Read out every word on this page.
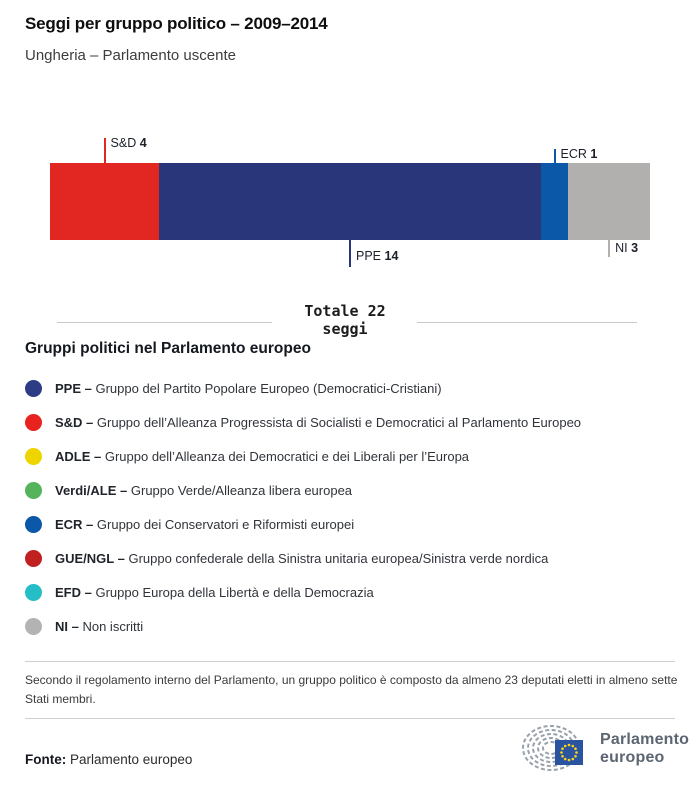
Seggi per gruppo politico – 2009–2014
Ungheria – Parlamento uscente
S&D 4
PPE 14
ECR 1
NI 3
Totale 22
seggi
Gruppi politici nel Parlamento europeo
PPE – Gruppo del Partito Popolare Europeo (Democratici-Cristiani)
S&D – Gruppo dell’Alleanza Progressista di Socialisti e Democratici al Parlamento Europeo
ADLE – Gruppo dell’Alleanza dei Democratici e dei Liberali per l’Europa
Verdi/ALE – Gruppo Verde/Alleanza libera europea
ECR – Gruppo dei Conservatori e Riformisti europei
GUE/NGL – Gruppo confederale della Sinistra unitaria europea/Sinistra verde nordica
EFD – Gruppo Europa della Libertà e della Democrazia
NI – Non iscritti
Secondo il regolamento interno del Parlamento, un gruppo politico è composto da almeno 23 deputati eletti in almeno sette Stati membri.
Fonte: Parlamento europeo
Parlamento
europeo
